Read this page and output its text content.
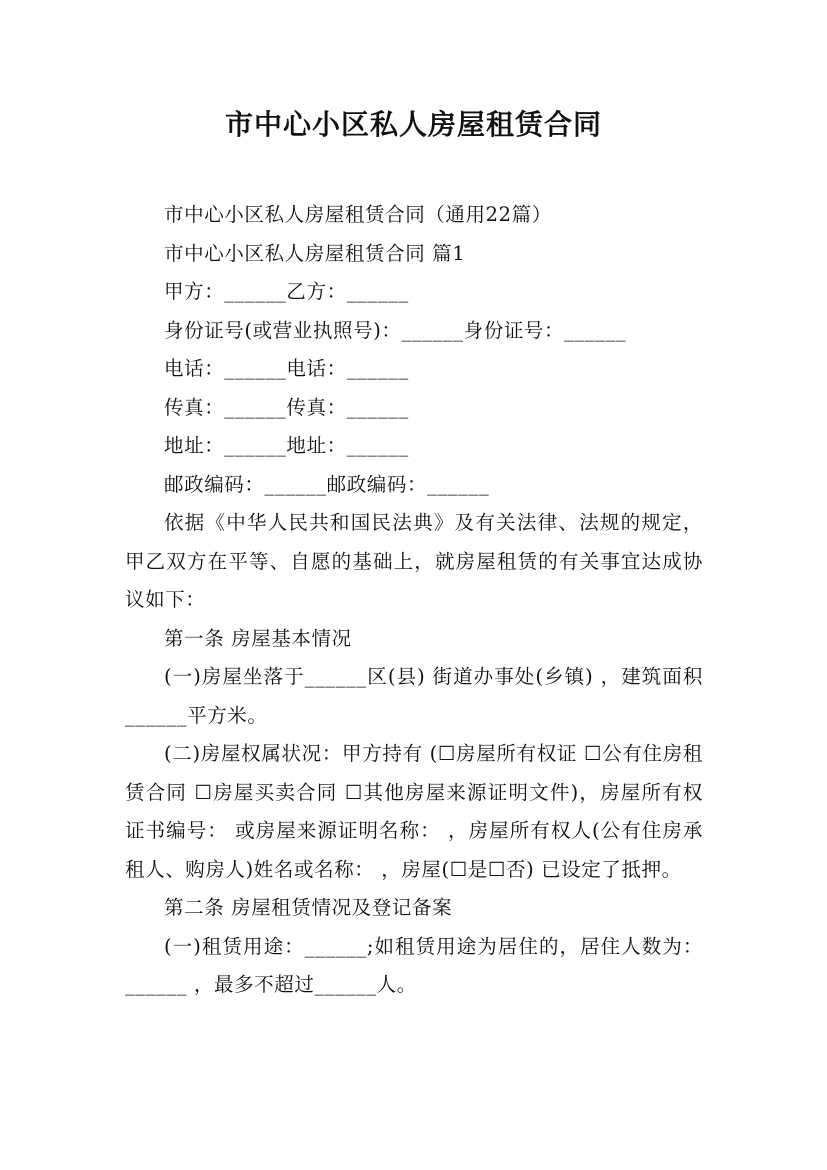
市中心小区私人房屋租赁合同

市中心小区私人房屋租赁合同（通用22篇）

市中心小区私人房屋租赁合同 篇1

甲方：______乙方：______

身份证号(或营业执照号)：______身份证号：______

电话：______电话：______

传真：______传真：______

地址：______地址：______

邮政编码：______邮政编码：______

依据《中华人民共和国民法典》及有关法律、法规的规定，甲乙双方在平等、自愿的基础上，就房屋租赁的有关事宜达成协议如下：

第一条 房屋基本情况

(一)房屋坐落于______区(县) 街道办事处(乡镇) ，建筑面积______平方米。

(二)房屋权属状况：甲方持有 (☐房屋所有权证 ☐公有住房租赁合同 ☐房屋买卖合同 ☐其他房屋来源证明文件)，房屋所有权证书编号： 或房屋来源证明名称： ，房屋所有权人(公有住房承租人、购房人)姓名或名称： ，房屋(☐是☐否) 已设定了抵押。

第二条 房屋租赁情况及登记备案

(一)租赁用途：______;如租赁用途为居住的，居住人数为：______ ，最多不超过______人。
